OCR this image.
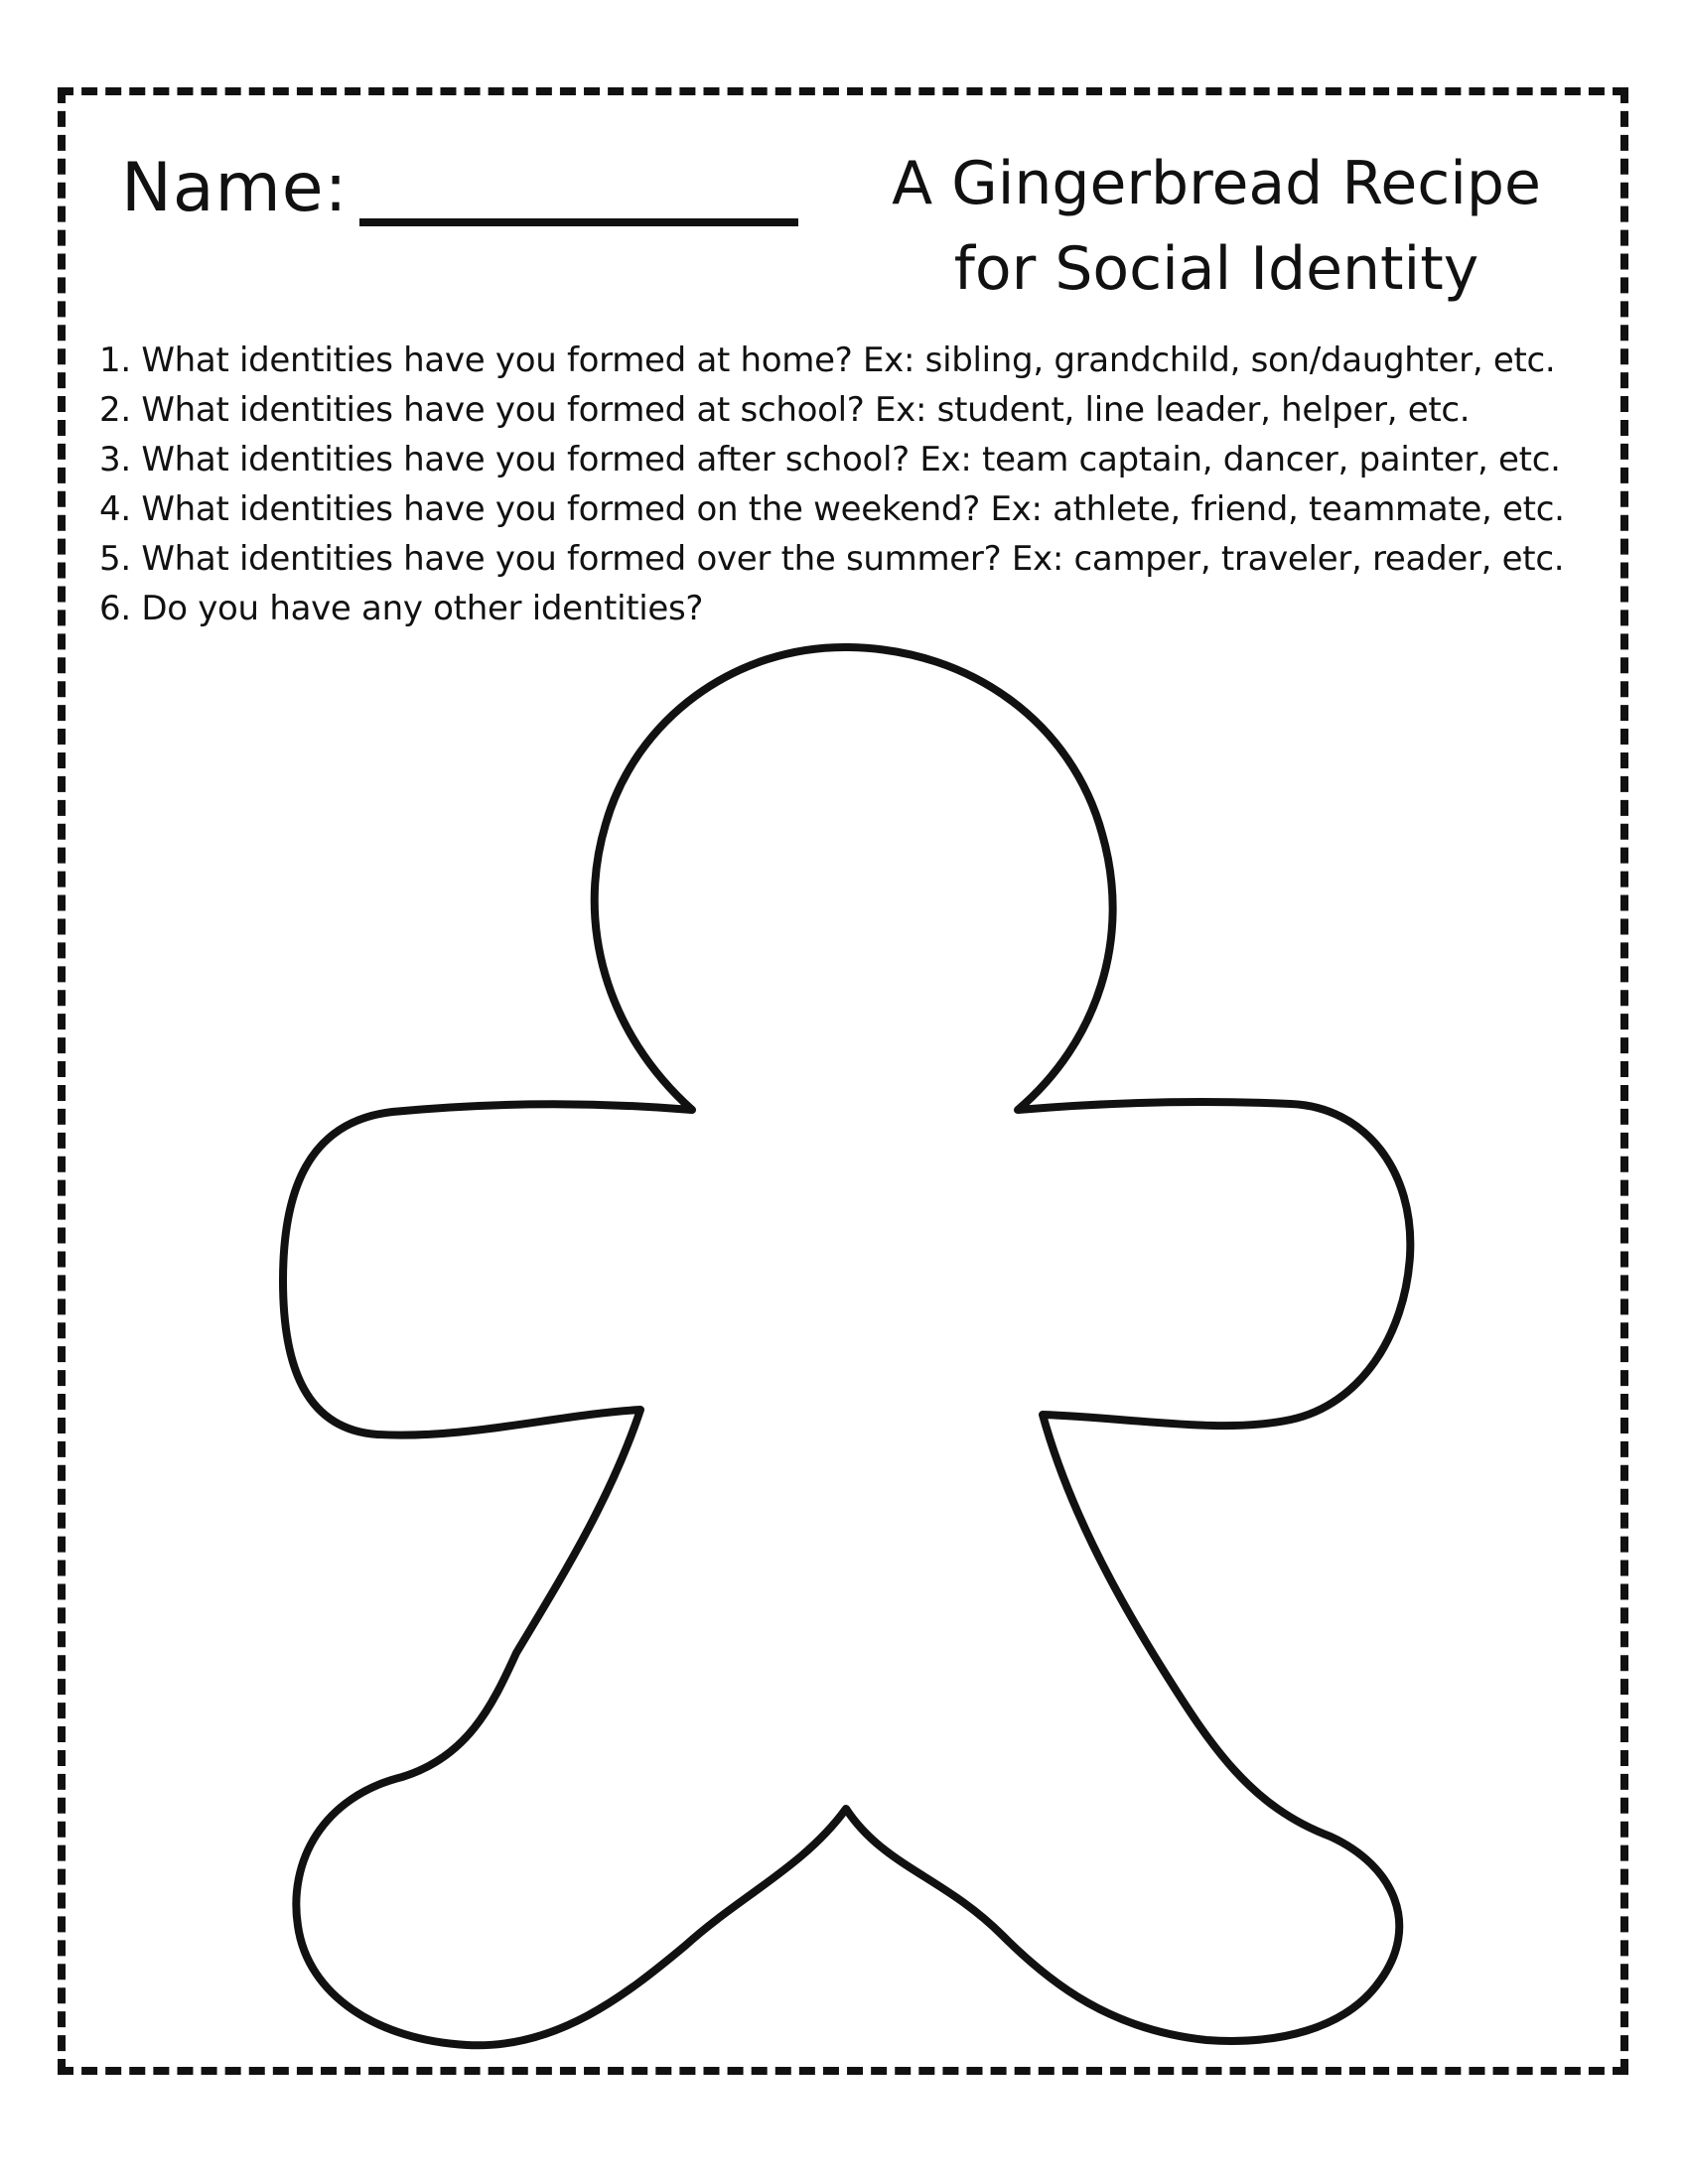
Name:	A Gingerbread Recipe
for Social Identity
1. What identities have you formed at home? Ex: sibling, grandchild, son/daughter, etc.
2. What identities have you formed at school? Ex: student, line leader, helper, etc.
3. What identities have you formed after school? Ex: team captain, dancer, painter, etc.
4. What identities have you formed on the weekend? Ex: athlete, friend, teammate, etc.
5. What identities have you formed over the summer? Ex: camper, traveler, reader, etc.
6. Do you have any other identities?
